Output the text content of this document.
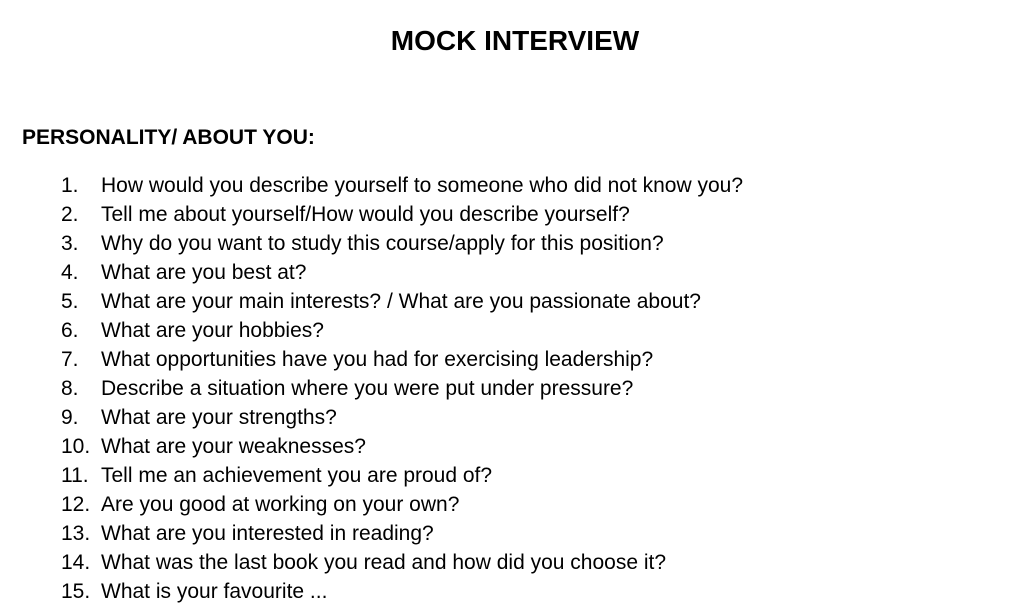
MOCK INTERVIEW
PERSONALITY/ ABOUT YOU:
1.	How would you describe yourself to someone who did not know you?
2.	Tell me about yourself/How would you describe yourself?
3.	Why do you want to study this course/apply for this position?
4.	What are you best at?
5.	What are your main interests? / What are you passionate about?
6.	What are your hobbies?
7.	What opportunities have you had for exercising leadership?
8.	Describe a situation where you were put under pressure?
9.	What are your strengths?
10. What are your weaknesses?
11. Tell me an achievement you are proud of?
12. Are you good at working on your own?
13. What are you interested in reading?
14. What was the last book you read and how did you choose it?
15. What is your favourite ...
